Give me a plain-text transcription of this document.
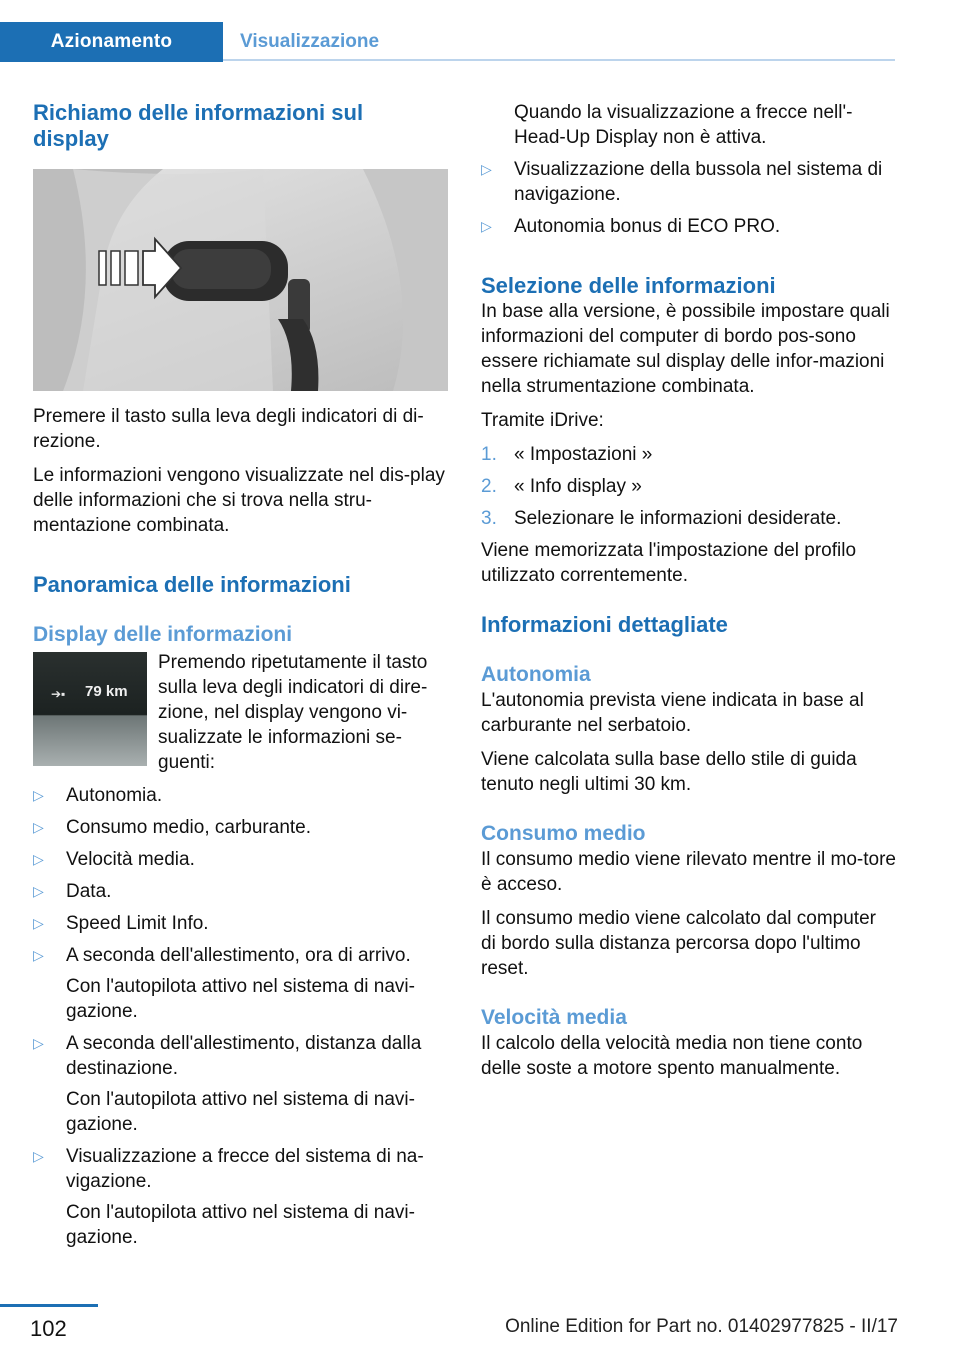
Azionamento	Visualizzazione
Richiamo delle informazioni sul display

Premere il tasto sulla leva degli indicatori di di-rezione.

Le informazioni vengono visualizzate nel dis-play delle informazioni che si trova nella stru-mentazione combinata.

Panoramica delle informazioni
Display delle informazioni
➔▪ 79 km

Premendo ripetutamente il tasto sulla leva degli indicatori di dire-zione, nel display vengono vi-sualizzate le informazioni se-guenti:

▷ Autonomia.
▷ Consumo medio, carburante.
▷ Velocità media.
▷ Data.
▷ Speed Limit Info.
▷ A seconda dell'allestimento, ora di arrivo.

Con l'autopilota attivo nel sistema di navi-gazione.

▷ A seconda dell'allestimento, distanza dalla destinazione.

Con l'autopilota attivo nel sistema di navi-gazione.

▷ Visualizzazione a frecce del sistema di na-vigazione.

Con l'autopilota attivo nel sistema di navi-gazione.

Quando la visualizzazione a frecce nell'-Head-Up Display non è attiva.

▷ Visualizzazione della bussola nel sistema di navigazione.
▷ Autonomia bonus di ECO PRO.
Selezione delle informazioni

In base alla versione, è possibile impostare quali informazioni del computer di bordo pos-sono essere richiamate sul display delle infor-mazioni nella strumentazione combinata.

Tramite iDrive:

1. « Impostazioni »
2. « Info display »
3. Selezionare le informazioni desiderate.

Viene memorizzata l'impostazione del profilo utilizzato correntemente.

Informazioni dettagliate
Autonomia

L'autonomia prevista viene indicata in base al carburante nel serbatoio.

Viene calcolata sulla base dello stile di guida tenuto negli ultimi 30 km.

Consumo medio

Il consumo medio viene rilevato mentre il mo-tore è acceso.

Il consumo medio viene calcolato dal computer di bordo sulla distanza percorsa dopo l'ultimo reset.

Velocità media

Il calcolo della velocità media non tiene conto delle soste a motore spento manualmente.

102	Online Edition for Part no. 01402977825 - II/17
